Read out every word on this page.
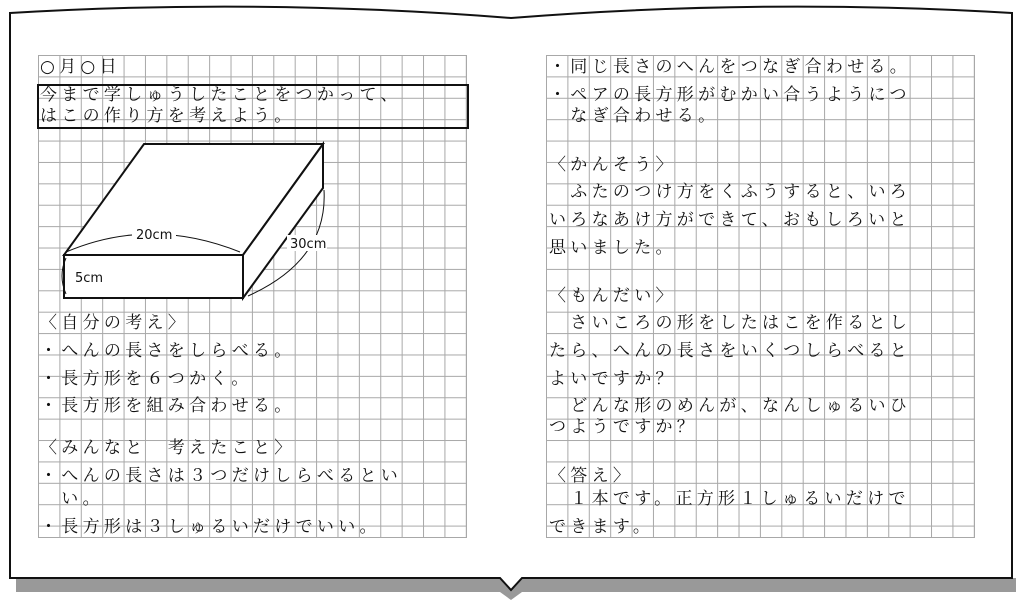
20cm
30cm
5cm
○月○日
今まで学しゅうしたことをつかって、
はこの作り方を考えよう。
〈自分の考え〉
・へんの長さをしらべる。
・長方形を６つかく。
・長方形を組み合わせる。
〈みんなと　考えたこと〉
・へんの長さは３つだけしらべるとい
　い。
・長方形は３しゅるいだけでいい。
・同じ長さのへんをつなぎ合わせる。
・ペアの長方形がむかい合うようにつ
　なぎ合わせる。
〈かんそう〉
　ふたのつけ方をくふうすると、いろ
いろなあけ方ができて、おもしろいと
思いました。
〈もんだい〉
　さいころの形をしたはこを作るとし
たら、へんの長さをいくつしらべると
よいですか？
　どんな形のめんが、なんしゅるいひ
つようですか？
〈答え〉
　１本です。正方形１しゅるいだけで
できます。
